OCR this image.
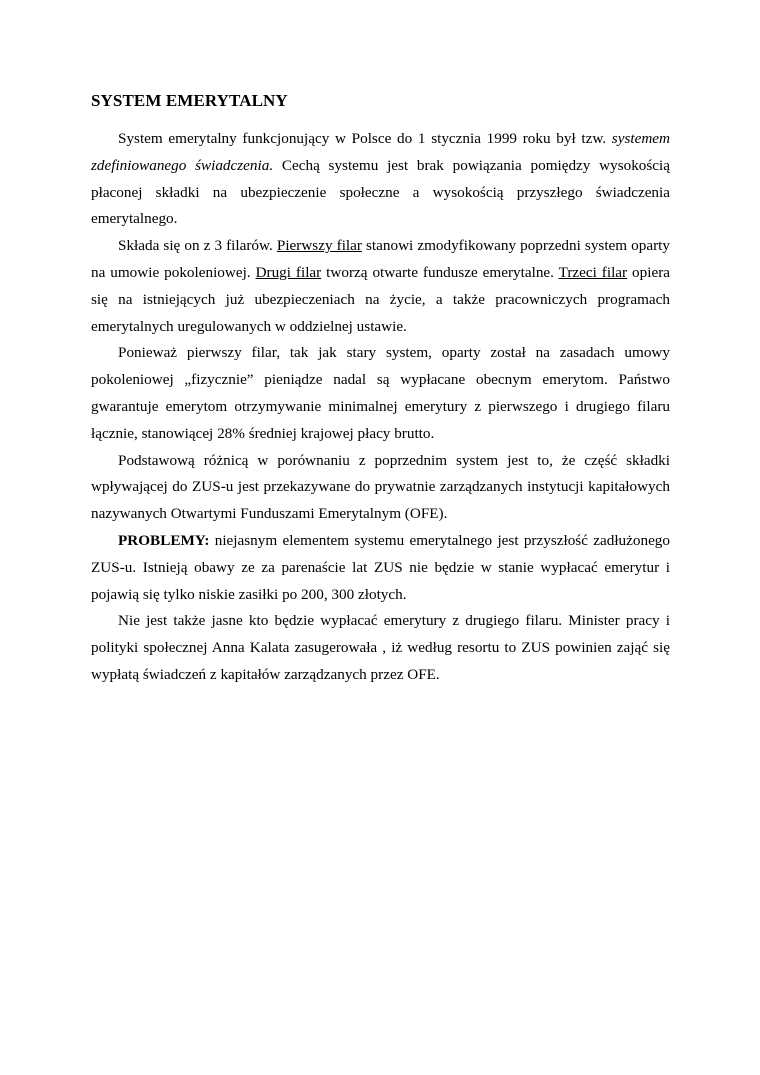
SYSTEM EMERYTALNY

System emerytalny funkcjonujący w Polsce do 1 stycznia 1999 roku był tzw. systemem zdefiniowanego świadczenia. Cechą systemu jest brak powiązania pomiędzy wysokością płaconej składki na ubezpieczenie społeczne a wysokością przyszłego świadczenia emerytalnego.

Składa się on z 3 filarów. Pierwszy filar stanowi zmodyfikowany poprzedni system oparty na umowie pokoleniowej. Drugi filar tworzą otwarte fundusze emerytalne. Trzeci filar opiera się na istniejących już ubezpieczeniach na życie, a także pracowniczych programach emerytalnych uregulowanych w oddzielnej ustawie.

Ponieważ pierwszy filar, tak jak stary system, oparty został na zasadach umowy pokoleniowej „fizycznie” pieniądze nadal są wypłacane obecnym emerytom. Państwo gwarantuje emerytom otrzymywanie minimalnej emerytury z pierwszego i drugiego filaru łącznie, stanowiącej 28% średniej krajowej płacy brutto.

Podstawową różnicą w porównaniu z poprzednim system jest to, że część składki wpływającej do ZUS-u jest przekazywane do prywatnie zarządzanych instytucji kapitałowych nazywanych Otwartymi Funduszami Emerytalnym (OFE).

PROBLEMY: niejasnym elementem systemu emerytalnego jest przyszłość zadłużonego ZUS-u. Istnieją obawy ze za parenaście lat ZUS nie będzie w stanie wypłacać emerytur i pojawią się tylko niskie zasiłki po 200, 300 złotych.

Nie jest także jasne kto będzie wypłacać emerytury z drugiego filaru. Minister pracy i polityki społecznej Anna Kalata zasugerowała , iż według resortu to ZUS powinien zająć się wypłatą świadczeń z kapitałów zarządzanych przez OFE.
